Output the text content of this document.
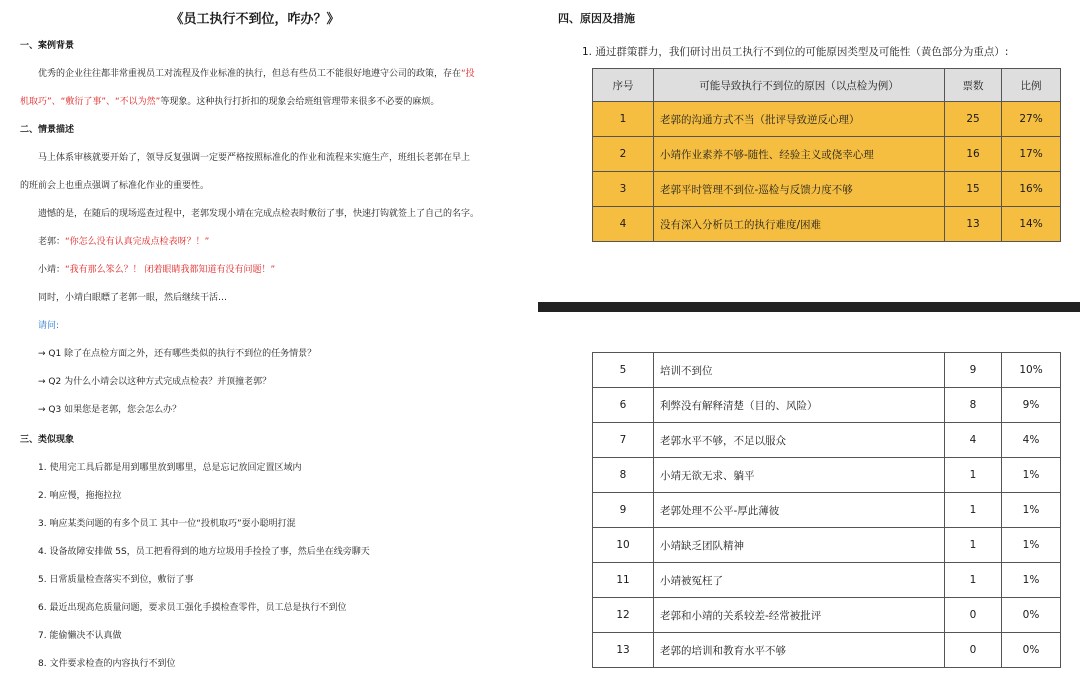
《员工执行不到位，咋办？》
一、案例背景
优秀的企业往往都非常重视员工对流程及作业标准的执行，但总有些员工不能很好地遵守公司的政策，存在“投
机取巧”、“敷衍了事”、“不以为然”等现象。这种执行打折扣的现象会给班组管理带来很多不必要的麻烦。
二、情景描述
马上体系审核就要开始了，领导反复强调一定要严格按照标准化的作业和流程来实施生产，班组长老郭在早上
的班前会上也重点强调了标准化作业的重要性。
遗憾的是，在随后的现场巡查过程中，老郭发现小靖在完成点检表时敷衍了事，快速打钩就签上了自己的名字。
老郭：“你怎么没有认真完成点检表呀？！”
小靖：“我有那么笨么？！ 闭着眼睛我都知道有没有问题！”
同时，小靖白眼瞟了老郭一眼，然后继续干活…
请问:
→ Q1 除了在点检方面之外，还有哪些类似的执行不到位的任务情景？
→ Q2 为什么小靖会以这种方式完成点检表？并顶撞老郭？
→ Q3 如果您是老郭，您会怎么办？
三、类似现象
1. 使用完工具后都是用到哪里放到哪里，总是忘记放回定置区域内
2. 响应慢，拖拖拉拉
3. 响应某类问题的有多个员工 其中一位“投机取巧”耍小聪明打混
4. 设备故障安排做 5S，员工把看得到的地方垃圾用手捡捡了事，然后坐在线旁聊天
5. 日常质量检查落实不到位，敷衍了事
6. 最近出现高危质量问题，要求员工强化手摸检查零件，员工总是执行不到位
7. 能偷懒决不认真做
8. 文件要求检查的内容执行不到位
四、原因及措施
1. 通过群策群力，我们研讨出员工执行不到位的可能原因类型及可能性（黄色部分为重点）:
序号	可能导致执行不到位的原因（以点检为例）	票数	比例
1	老郭的沟通方式不当（批评导致逆反心理）	25	27%
2	小靖作业素养不够-随性、经验主义或侥幸心理	16	17%
3	老郭平时管理不到位-巡检与反馈力度不够	15	16%
4	没有深入分析员工的执行难度/困难	13	14%
5	培训不到位	9	10%
6	利弊没有解释清楚（目的、风险）	8	9%
7	老郭水平不够，不足以服众	4	4%
8	小靖无欲无求、躺平	1	1%
9	老郭处理不公平-厚此薄彼	1	1%
10	小靖缺乏团队精神	1	1%
11	小靖被冤枉了	1	1%
12	老郭和小靖的关系较差-经常被批评	0	0%
13	老郭的培训和教育水平不够	0	0%
